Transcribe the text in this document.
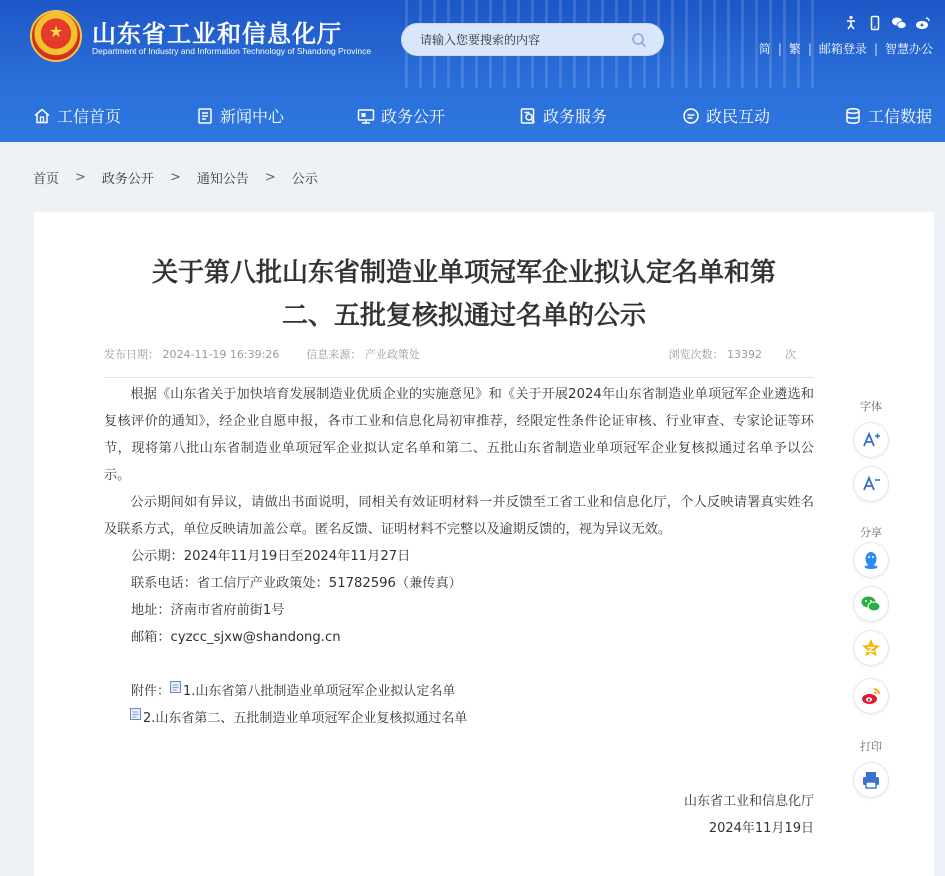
★	山东省工业和信息化厅
Department of Industry and Information Technology of Shandong Province
请输入您要搜索的内容	简 | 繁 | 邮箱登录 | 智慧办公
工信首页	新闻中心	政务公开	政务服务	政民互动	工信数据
首页 > 政务公开 > 通知公告 > 公示
关于第八批山东省制造业单项冠军企业拟认定名单和第
二、五批复核拟通过名单的公示
发布日期： 2024-11-19 16:39:26 信息来源： 产业政策处	浏览次数： 13392 次

根据《山东省关于加快培育发展制造业优质企业的实施意见》和《关于开展2024年山东省制造业单项冠军企业遴选和复核评价的通知》，经企业自愿申报，各市工业和信息化局初审推荐，经限定性条件论证审核、行业审查、专家论证等环节，现将第八批山东省制造业单项冠军企业拟认定名单和第二、五批山东省制造业单项冠军企业复核拟通过名单予以公示。

公示期间如有异议，请做出书面说明，同相关有效证明材料一并反馈至工省工业和信息化厅，个人反映请署真实姓名及联系方式，单位反映请加盖公章。匿名反馈、证明材料不完整以及逾期反馈的，视为异议无效。

公示期：2024年11月19日至2024年11月27日

联系电话：省工信厅产业政策处：51782596（兼传真）

地址：济南市省府前街1号

邮箱：cyzcc_sjxw@shandong.cn

附件： 1.山东省第八批制造业单项冠军企业拟认定名单
2.山东省第二、五批制造业单项冠军企业复核拟通过名单
山东省工业和信息化厅
2024年11月19日
字体
分享
打印
